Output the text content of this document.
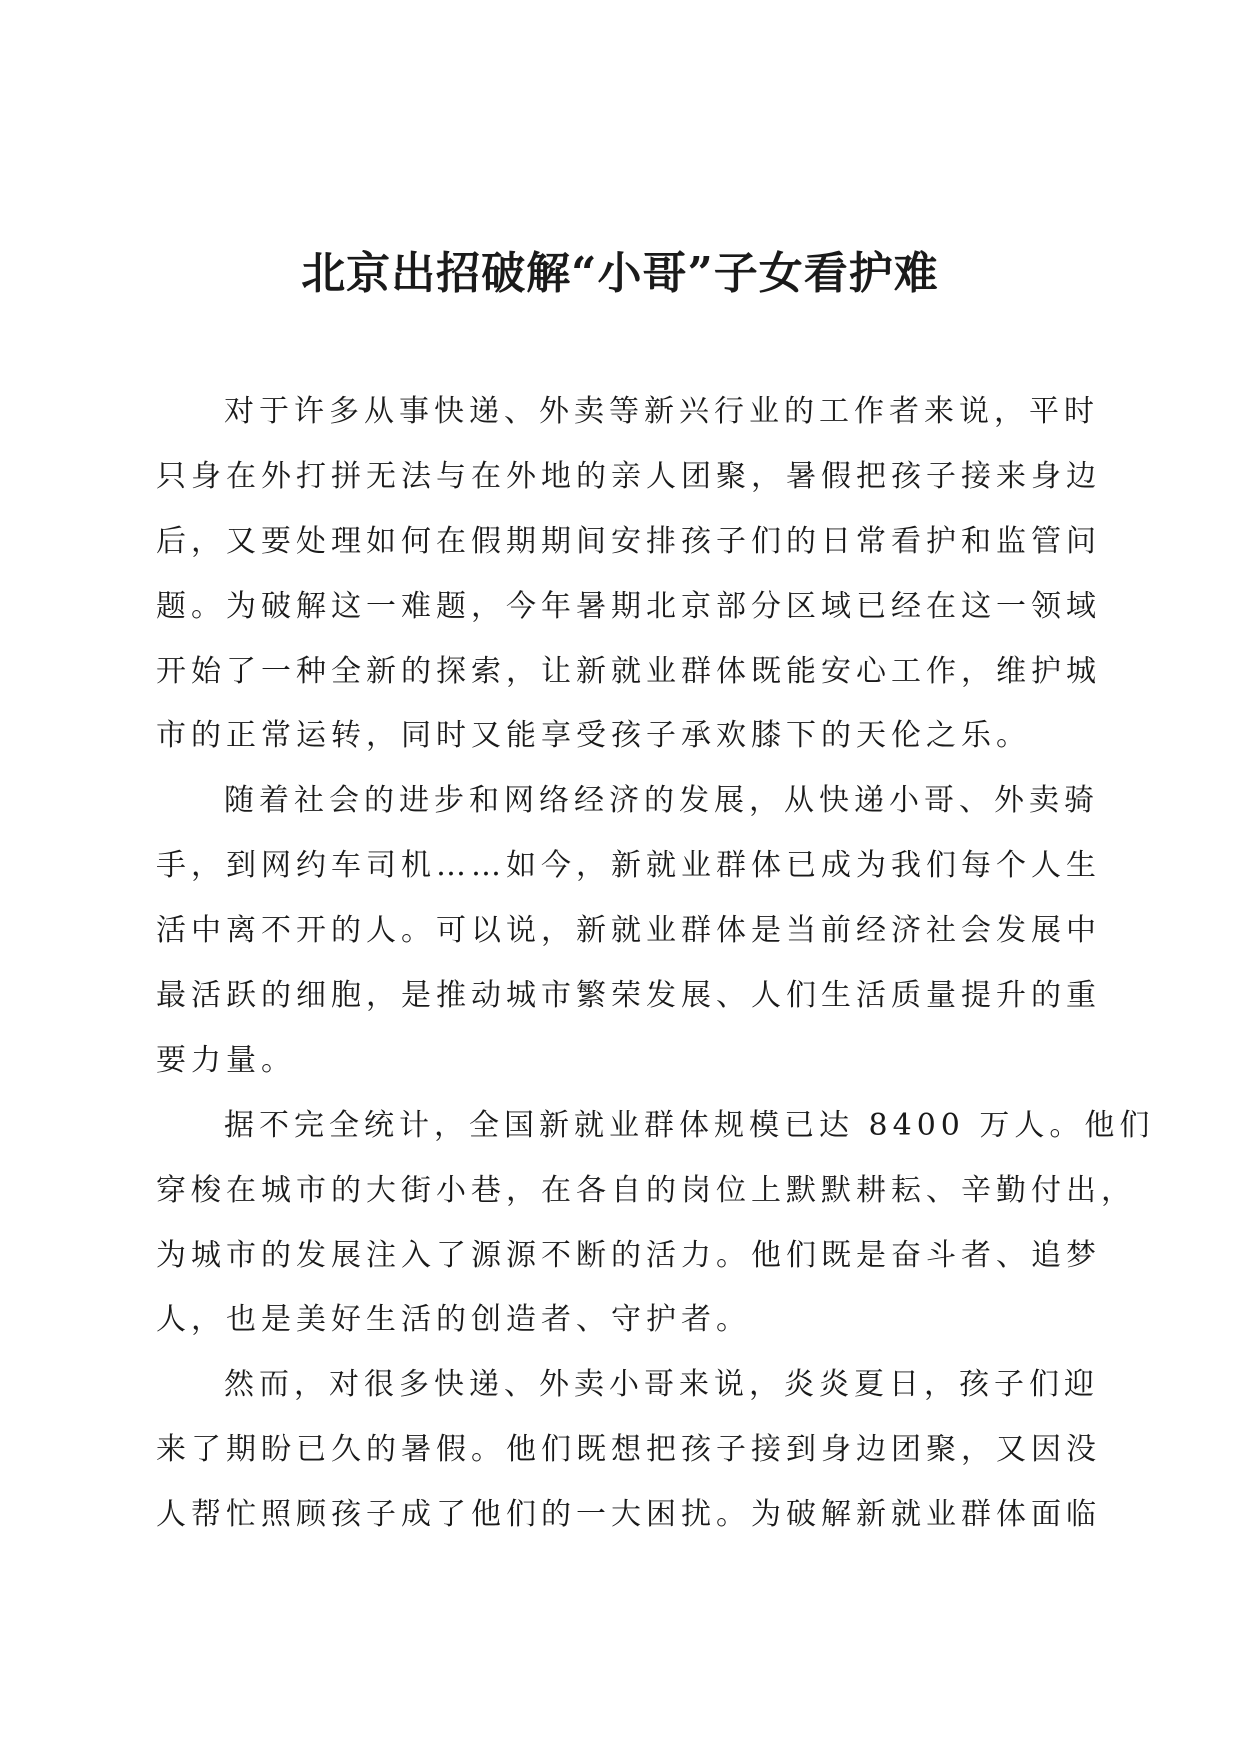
北京出招破解“小哥”子女看护难

对于许多从事快递、外卖等新兴行业的工作者来说，平时
只身在外打拼无法与在外地的亲人团聚，暑假把孩子接来身边
后，又要处理如何在假期期间安排孩子们的日常看护和监管问
题。为破解这一难题，今年暑期北京部分区域已经在这一领域
开始了一种全新的探索，让新就业群体既能安心工作，维护城
市的正常运转，同时又能享受孩子承欢膝下的天伦之乐。

随着社会的进步和网络经济的发展，从快递小哥、外卖骑
手，到网约车司机……如今，新就业群体已成为我们每个人生
活中离不开的人。可以说，新就业群体是当前经济社会发展中
最活跃的细胞，是推动城市繁荣发展、人们生活质量提升的重
要力量。

据不完全统计，全国新就业群体规模已达 8400 万人。他们
穿梭在城市的大街小巷，在各自的岗位上默默耕耘、辛勤付出，
为城市的发展注入了源源不断的活力。他们既是奋斗者、追梦
人，也是美好生活的创造者、守护者。

然而，对很多快递、外卖小哥来说，炎炎夏日，孩子们迎
来了期盼已久的暑假。他们既想把孩子接到身边团聚，又因没
人帮忙照顾孩子成了他们的一大困扰。为破解新就业群体面临
